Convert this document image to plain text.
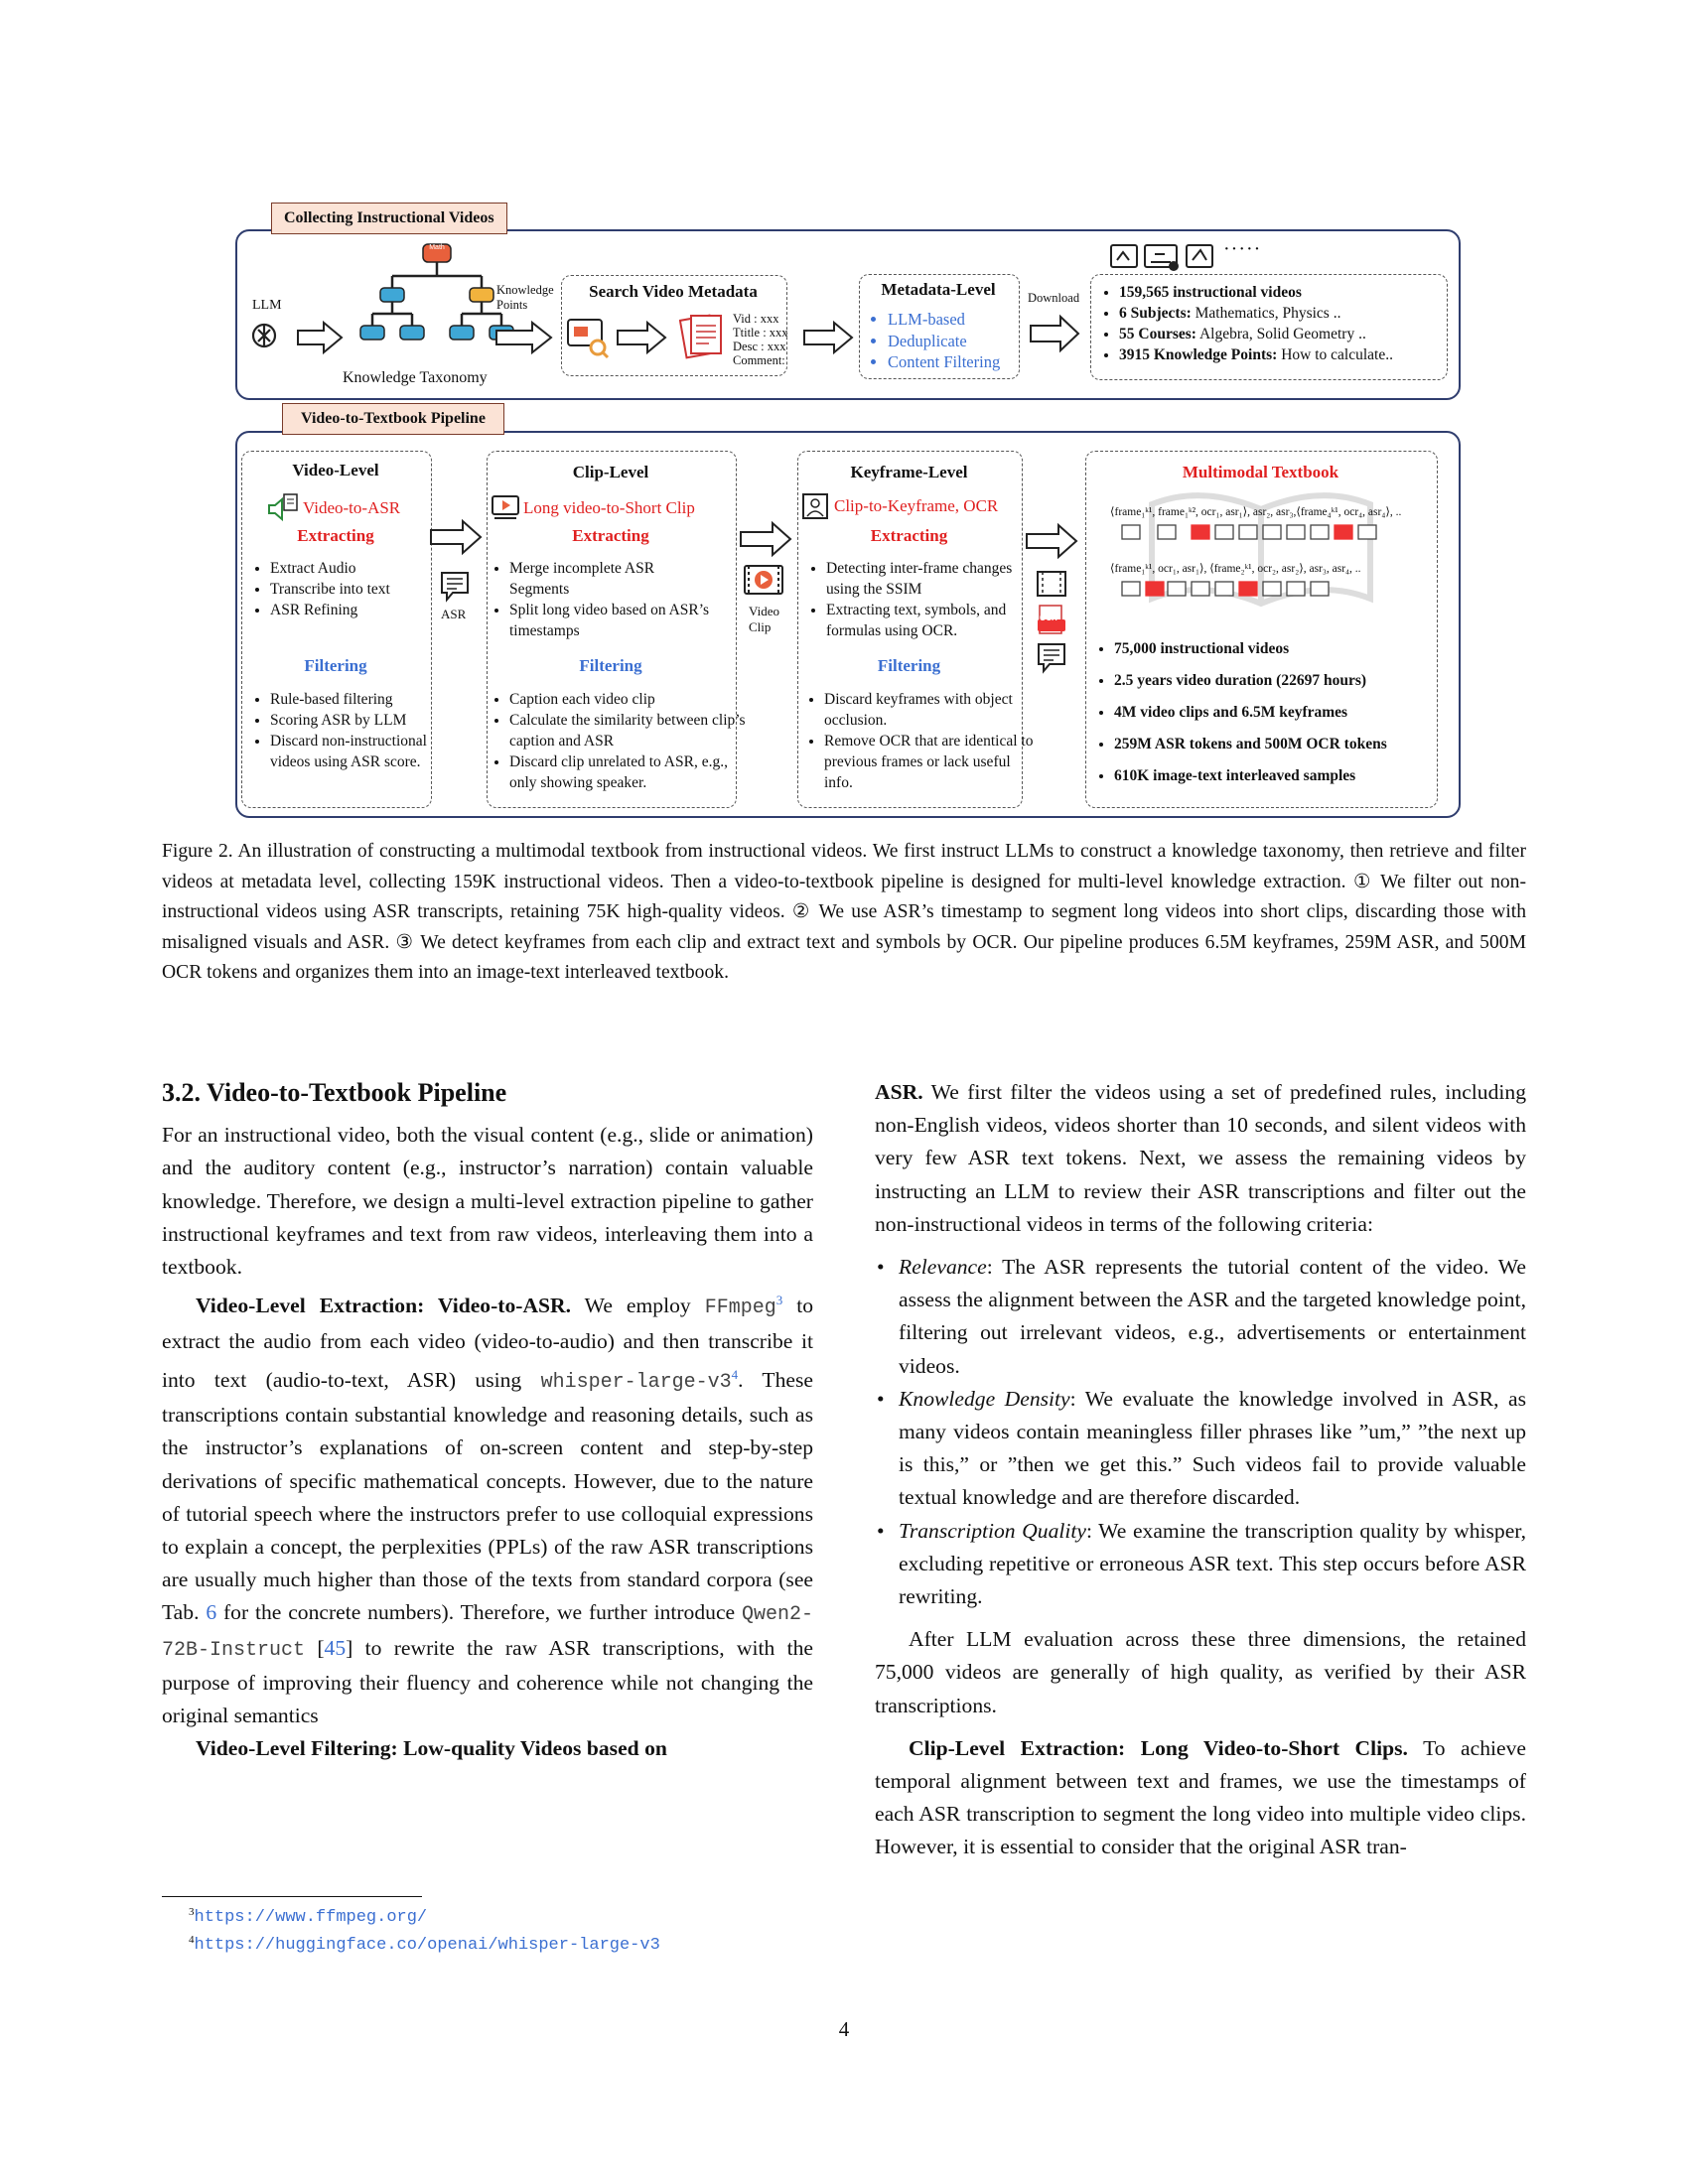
Collecting Instructional Videos
LLM
Math
Knowledge Taxonomy
Knowledge
Points
Search Video Metadata
Vid : xxx
Ttitle : xxx
Desc : xxx
Comment:
Metadata-Level
• LLM-based
• Deduplicate
• Content Filtering
Download
·····
• 159,565 instructional videos
• 6 Subjects: Mathematics, Physics ..
• 55 Courses: Algebra, Solid Geometry ..
• 3915 Knowledge Points: How to calculate..
Video-to-Textbook Pipeline
Video-Level
Video-to-ASR
Extracting
• Extract Audio
• Transcribe into text
• ASR Refining
Filtering
• Rule-based filtering
• Scoring ASR by LLM
• Discard non-instructional videos using ASR score.
ASR
Clip-Level
Long video-to-Short Clip
Extracting
• Merge incomplete ASR Segments
• Split long video based on ASR’s timestamps
Filtering
• Caption each video clip
• Calculate the similarity between clip’s caption and ASR
• Discard clip unrelated to ASR, e.g., only showing speaker.
Video
Clip
Keyframe-Level
Clip-to-Keyframe, OCR
Extracting
• Detecting inter-frame changes using the SSIM
• Extracting text, symbols, and formulas using OCR.
Filtering
• Discard keyframes with object occlusion.
• Remove OCR that are identical to previous frames or lack useful info.
OCR
Multimodal Textbook
⟨frame₁ᵏ¹, frame₁ᵏ², ocr₁, asr₁⟩, asr₂, asr₃,⟨frame₄ᵏ¹, ocr₄, asr₄⟩, ..
⟨frame₁ᵏ¹, ocr₁, asr₁⟩, ⟨frame₂ᵏ¹, ocr₂, asr₂⟩, asr₃, asr₄, ..
• 75,000 instructional videos
• 2.5 years video duration (22697 hours)
• 4M video clips and 6.5M keyframes
• 259M ASR tokens and 500M OCR tokens
• 610K image-text interleaved samples
Figure 2. An illustration of constructing a multimodal textbook from instructional videos. We first instruct LLMs to construct a knowledge taxonomy, then retrieve and filter videos at metadata level, collecting 159K instructional videos. Then a video-to-textbook pipeline is designed for multi-level knowledge extraction. ① We filter out non-instructional videos using ASR transcripts, retaining 75K high-quality videos. ② We use ASR’s timestamp to segment long videos into short clips, discarding those with misaligned visuals and ASR. ③ We detect keyframes from each clip and extract text and symbols by OCR. Our pipeline produces 6.5M keyframes, 259M ASR, and 500M OCR tokens and organizes them into an image-text interleaved textbook.

3.2. Video-to-Textbook Pipeline

For an instructional video, both the visual content (e.g., slide or animation) and the auditory content (e.g., instructor’s narration) contain valuable knowledge. Therefore, we design a multi-level extraction pipeline to gather instructional keyframes and text from raw videos, interleaving them into a textbook.

Video-Level Extraction: Video-to-ASR. We employ FFmpeg$^3$ to extract the audio from each video (video-to-audio) and then transcribe it into text (audio-to-text, ASR) using whisper-$large-v3^4$. These transcriptions contain substantial knowledge and reasoning details, such as the instructor’s explanations of on-screen content and step-by-step derivations of specific mathematical concepts. However, due to the nature of tutorial speech where the instructors prefer to use colloquial expressions to explain a concept, the perplexities (PPLs) of the raw ASR transcriptions are usually much higher than those of the texts from standard corpora (see Tab. 6 for the concrete numbers). Therefore, we further introduce Qwen2-72B-Instruct [45] to rewrite the raw ASR transcriptions, with the purpose of improving their fluency and coherence while not changing the original semantics

Video-Level Filtering: Low-quality Videos based on

$^3$https://www.ffmpeg.org/
$^4$https://huggingface.co/openai/whisper-large-v3

ASR. We first filter the videos using a set of predefined rules, including non-English videos, videos shorter than 10 seconds, and silent videos with very few ASR text tokens. Next, we assess the remaining videos by instructing an LLM to review their ASR transcriptions and filter out the non-instructional videos in terms of the following criteria:

• Relevance: The ASR represents the tutorial content of the video. We assess the alignment between the ASR and the targeted knowledge point, filtering out irrelevant videos, e.g., advertisements or entertainment videos.
• Knowledge Density: We evaluate the knowledge involved in ASR, as many videos contain meaningless filler phrases like ”um,” ”the next up is this,” or ”then we get this.” Such videos fail to provide valuable textual knowledge and are therefore discarded.
• Transcription Quality: We examine the transcription quality by whisper, excluding repetitive or erroneous ASR text. This step occurs before ASR rewriting.

After LLM evaluation across these three dimensions, the retained 75,000 videos are generally of high quality, as verified by their ASR transcriptions.

Clip-Level Extraction: Long Video-to-Short Clips. To achieve temporal alignment between text and frames, we use the timestamps of each ASR transcription to segment the long video into multiple video clips. However, it is essential to consider that the original ASR tran-

4
